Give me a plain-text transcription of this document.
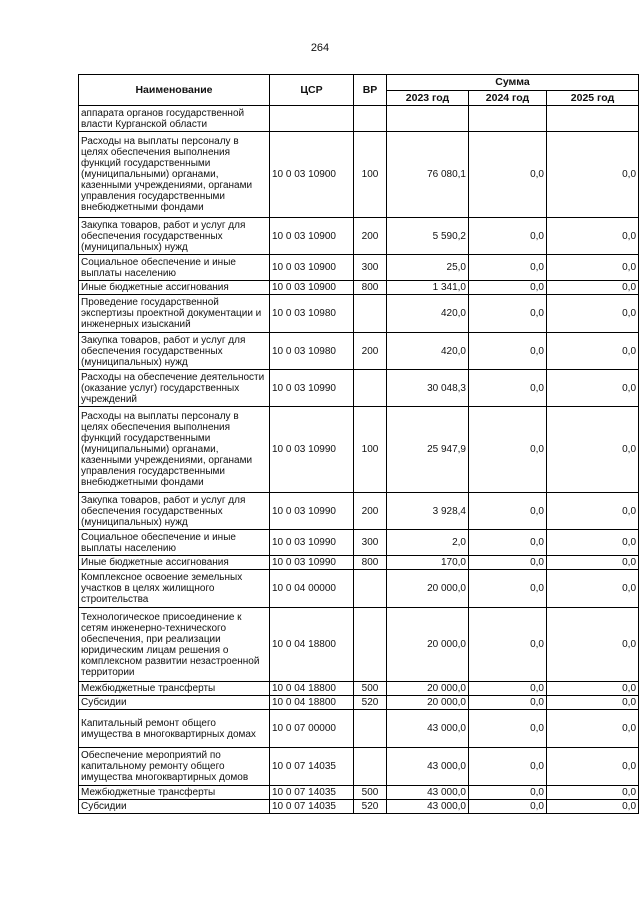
264
Наименование	ЦСР	ВР	Сумма		
			2023 год	2024 год	2025 год
аппарата органов государственной власти Курганской области					
Расходы на выплаты персоналу в целях обеспечения выполнения функций государственными (муниципальными) органами, казенными учреждениями, органами управления государственными внебюджетными фондами	10 0 03 10900	100	76 080,1	0,0	0,0
Закупка товаров, работ и услуг для обеспечения государственных (муниципальных) нужд	10 0 03 10900	200	5 590,2	0,0	0,0
Социальное обеспечение и иные выплаты населению	10 0 03 10900	300	25,0	0,0	0,0
Иные бюджетные ассигнования	10 0 03 10900	800	1 341,0	0,0	0,0
Проведение государственной экспертизы проектной документации и инженерных изысканий	10 0 03 10980		420,0	0,0	0,0
Закупка товаров, работ и услуг для обеспечения государственных (муниципальных) нужд	10 0 03 10980	200	420,0	0,0	0,0
Расходы на обеспечение деятельности (оказание услуг) государственных учреждений	10 0 03 10990		30 048,3	0,0	0,0
Расходы на выплаты персоналу в целях обеспечения выполнения функций государственными (муниципальными) органами, казенными учреждениями, органами управления государственными внебюджетными фондами	10 0 03 10990	100	25 947,9	0,0	0,0
Закупка товаров, работ и услуг для обеспечения государственных (муниципальных) нужд	10 0 03 10990	200	3 928,4	0,0	0,0
Социальное обеспечение и иные выплаты населению	10 0 03 10990	300	2,0	0,0	0,0
Иные бюджетные ассигнования	10 0 03 10990	800	170,0	0,0	0,0
Комплексное освоение земельных участков в целях жилищного строительства	10 0 04 00000		20 000,0	0,0	0,0
Технологическое присоединение к сетям инженерно-технического обеспечения, при реализации юридическим лицам решения о комплексном развитии незастроенной территории	10 0 04 18800		20 000,0	0,0	0,0
Межбюджетные трансферты	10 0 04 18800	500	20 000,0	0,0	0,0
Субсидии	10 0 04 18800	520	20 000,0	0,0	0,0
Капитальный ремонт общего имущества в многоквартирных домах	10 0 07 00000		43 000,0	0,0	0,0
Обеспечение мероприятий по капитальному ремонту общего имущества многоквартирных домов	10 0 07 14035		43 000,0	0,0	0,0
Межбюджетные трансферты	10 0 07 14035	500	43 000,0	0,0	0,0
Субсидии	10 0 07 14035	520	43 000,0	0,0	0,0
